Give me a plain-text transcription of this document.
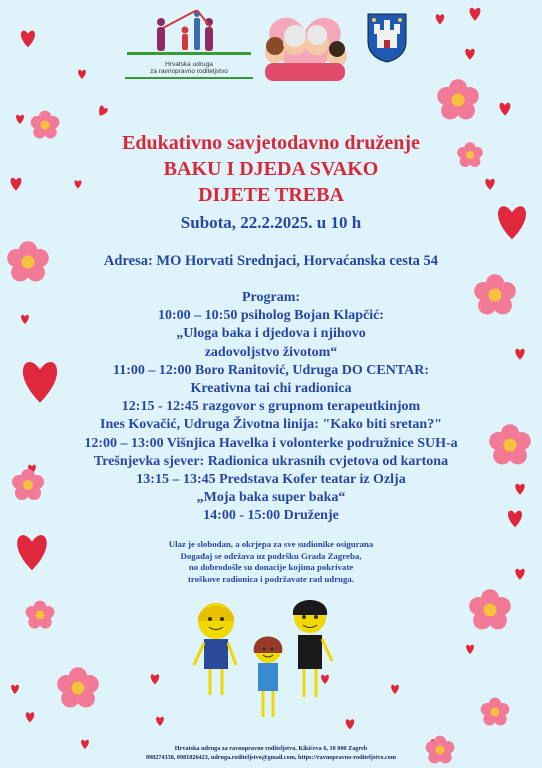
Hrvatska udruga
za ravnopravno roditeljstvo
Edukativno savjetodavno druženje
BAKU I DJEDA SVAKO
DIJETE TREBA
Subota, 22.2.2025. u 10 h
Adresa: MO Horvati Srednjaci, Horvaćanska cesta 54
Program:
10:00 – 10:50 psiholog Bojan Klapčić:
„Uloga baka i djedova i njihovo
zadovoljstvo životom“
11:00 – 12:00 Boro Ranitović, Udruga DO CENTAR:
Kreativna tai chi radionica
12:15 - 12:45 razgovor s grupnom terapeutkinjom
Ines Kovačić, Udruga Životna linija: "Kako biti sretan?"
12:00 – 13:00 Višnjica Havelka i volonterke podružnice SUH-a
Trešnjevka sjever: Radionica ukrasnih cvjetova od kartona
13:15 – 13:45 Predstava Kofer teatar iz Ozlja
„Moja baka super baka“
14:00 - 15:00 Druženje
Ulaz je slobodan, a okrjepa za sve sudionike osigurana
Događaj se održava uz podršku Grada Zagreba,
no dobrodošle su donacije kojima pokrivate
troškove radionica i podržavate rad udruga.
Hrvatska udruga za ravnopravno roditeljstvo, Kikićeva 6, 10 000 Zagreb
098274338, 0981826423, udruga.roditeljstvo@gmail.com, https://ravnopravno-roditeljstvo.com
